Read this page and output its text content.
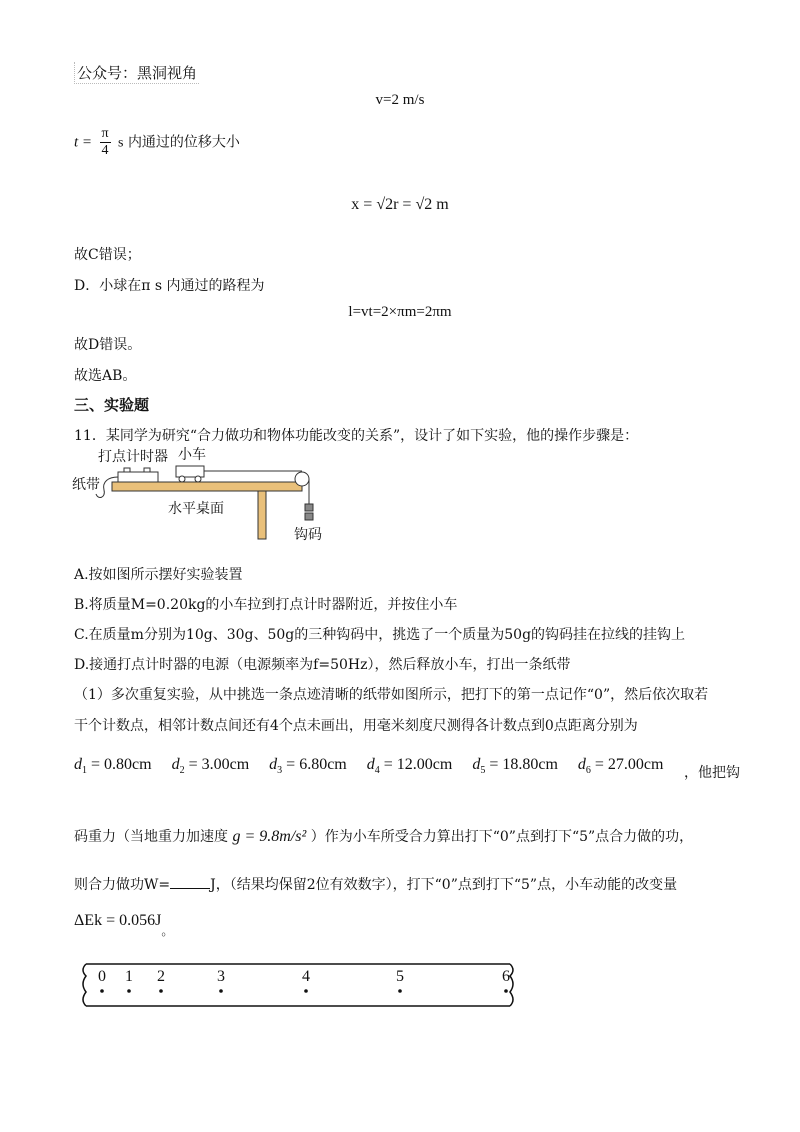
公众号：黑洞视角
v=2 m/s
$t = \frac{\pi}{4}$ s 内通过的位移大小
x = √2r = √2 m
故C错误；
D．小球在π s 内通过的路程为
l=vt=2×πm=2πm
故D错误。
故选AB。
三、实验题
11．某同学为研究“合力做功和物体功能改变的关系”，设计了如下实验，他的操作步骤是：
打点计时器 小车
纸带
水平桌面
钩码
A.按如图所示摆好实验装置
B.将质量M=0.20kg的小车拉到打点计时器附近，并按住小车
C.在质量m分别为10g、30g、50g的三种钩码中，挑选了一个质量为50g的钩码挂在拉线的挂钩上
D.接通打点计时器的电源（电源频率为f=50Hz），然后释放小车，打出一条纸带
（1）多次重复实验，从中挑选一条点迹清晰的纸带如图所示，把打下的第一点记作“0”，然后依次取若
干个计数点，相邻计数点间还有4个点未画出，用毫米刻度尺测得各计数点到0点距离分别为
$d_1 = 0.80cm$ $d_2 = 3.00cm$ $d_3 = 6.80cm$ $d_4 = 12.00cm$ $d_5 = 18.80cm$ $d_6 = 27.00cm$	，他把钩
码重力（当地重力加速度 g = 9.8m/s² ）作为小车所受合力算出打下“0”点到打下“5”点合力做的功，
则合力做功W=	J，（结果均保留2位有效数字），打下“0”点到打下“5”点，小车动能的改变量
$\Delta Ek = 0.056J_。$
0 1 2	3	4	5	6
